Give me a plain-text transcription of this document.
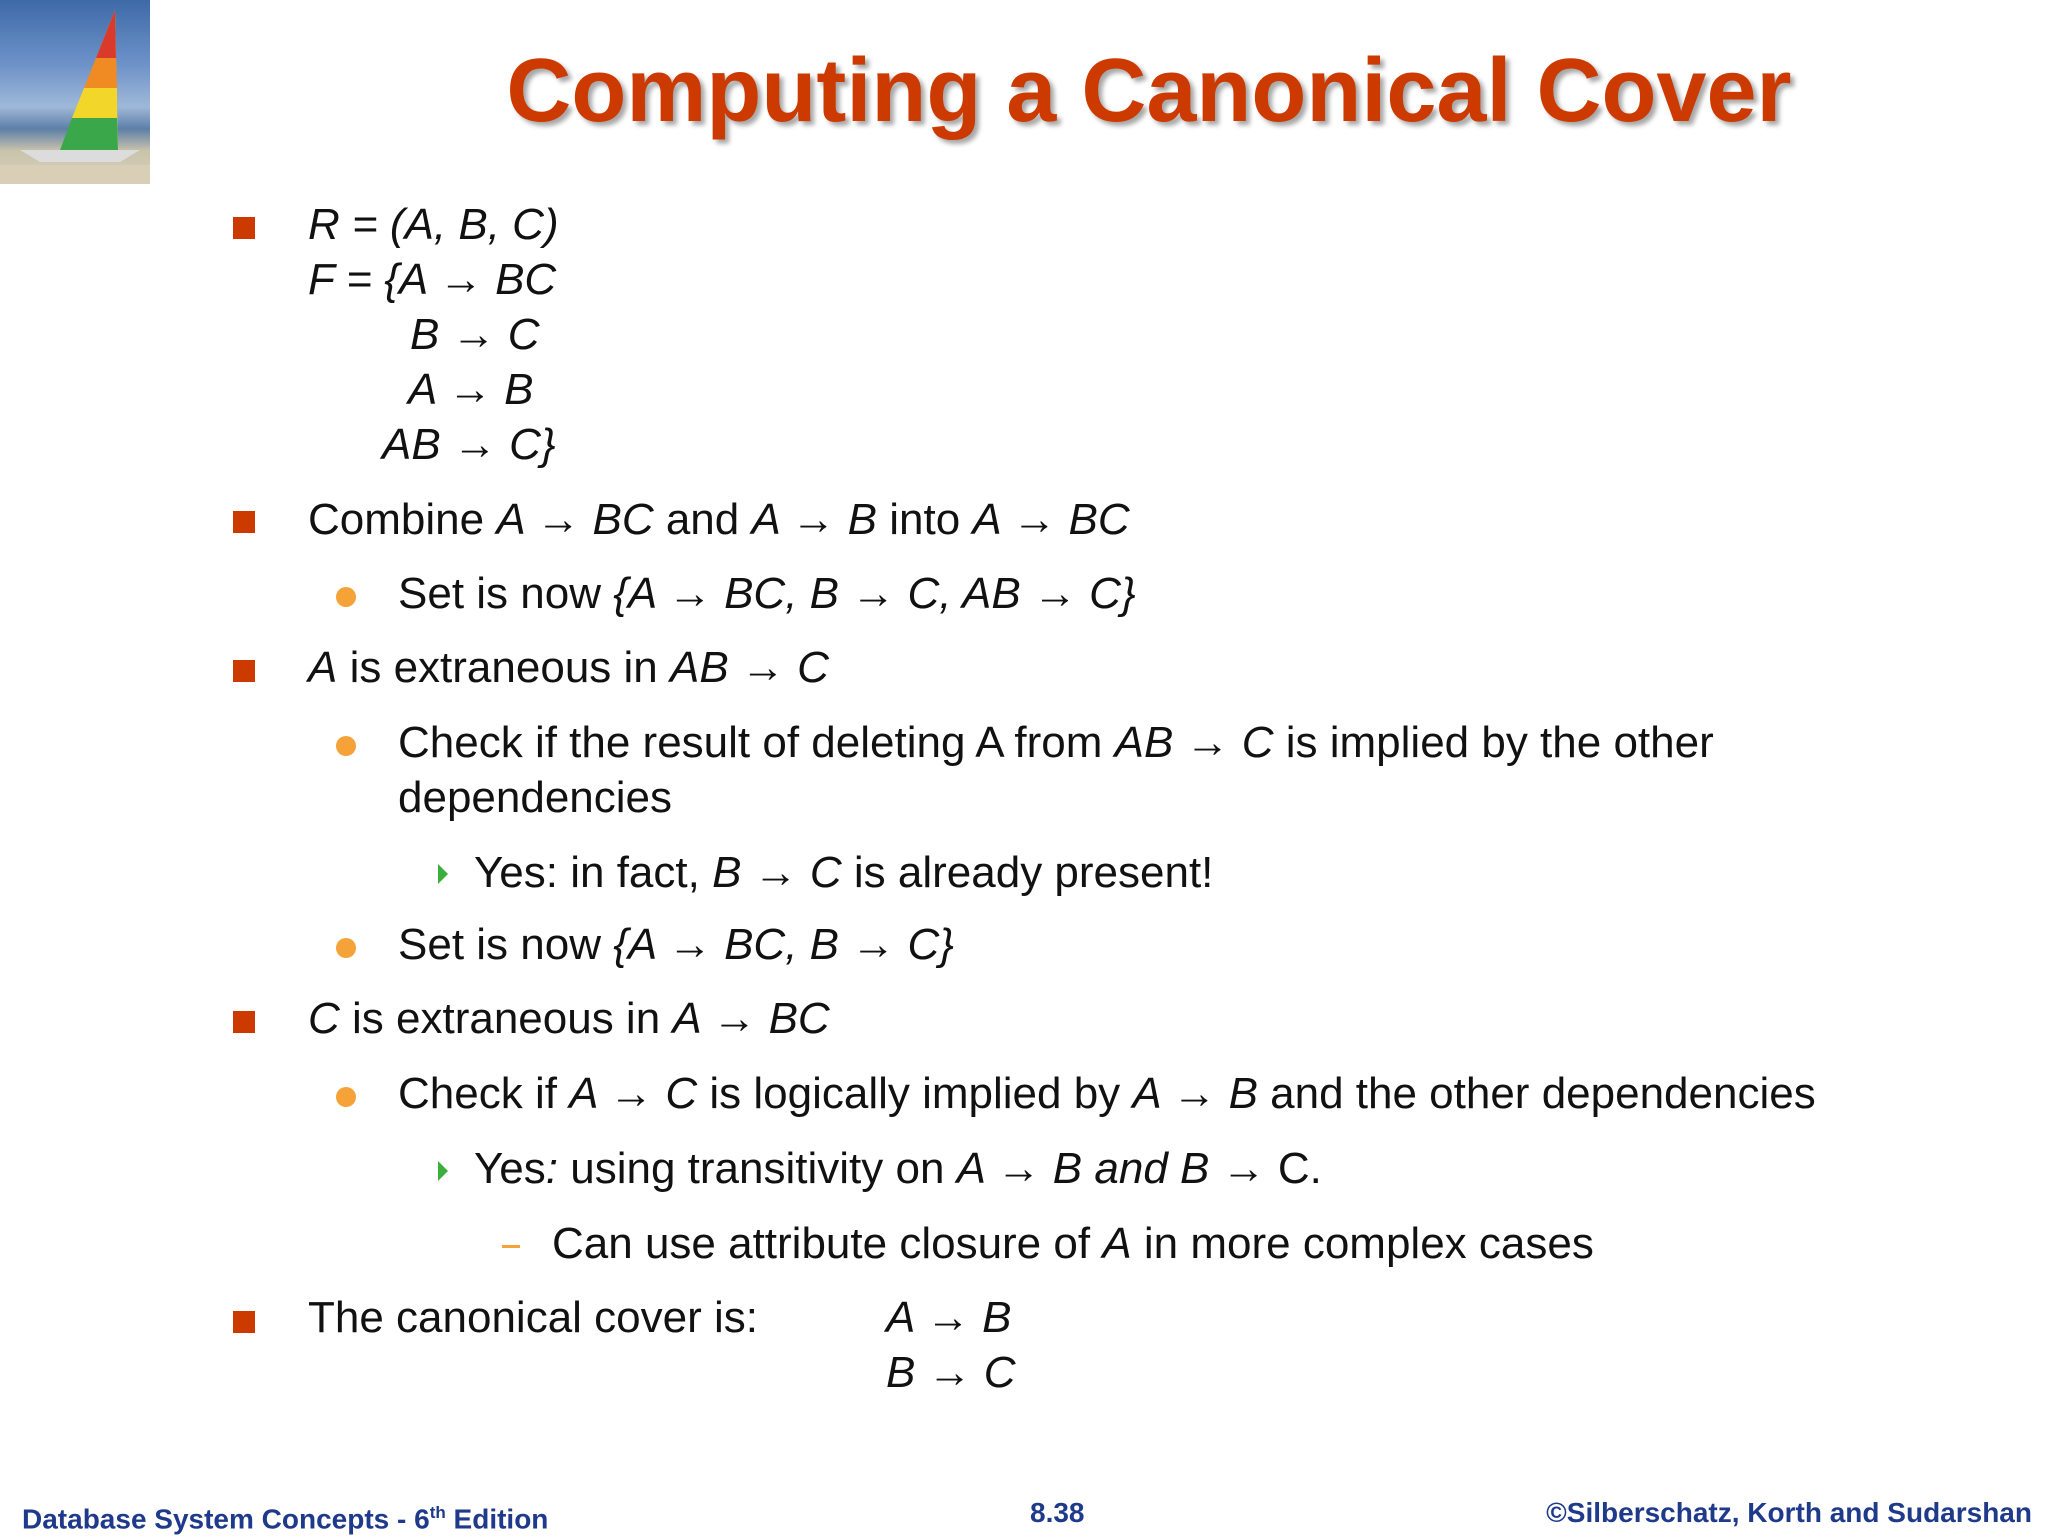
Computing a Canonical Cover
R = (A, B, C)
F = {A → BC
B → C
A → B
AB → C}
Combine A → BC and A → B into A → BC
Set is now {A → BC, B → C, AB → C}
A is extraneous in AB → C
Check if the result of deleting A from AB → C is implied by the other
dependencies
Yes: in fact, B → C is already present!
Set is now {A → BC, B → C}
C is extraneous in A → BC
Check if A → C is logically implied by A → B and the other dependencies
Yes: using transitivity on A → B and B → C.
Can use attribute closure of A in more complex cases
The canonical cover is:	A → B
B → C
Database System Concepts - 6th Edition	8.38	©Silberschatz, Korth and Sudarshan
